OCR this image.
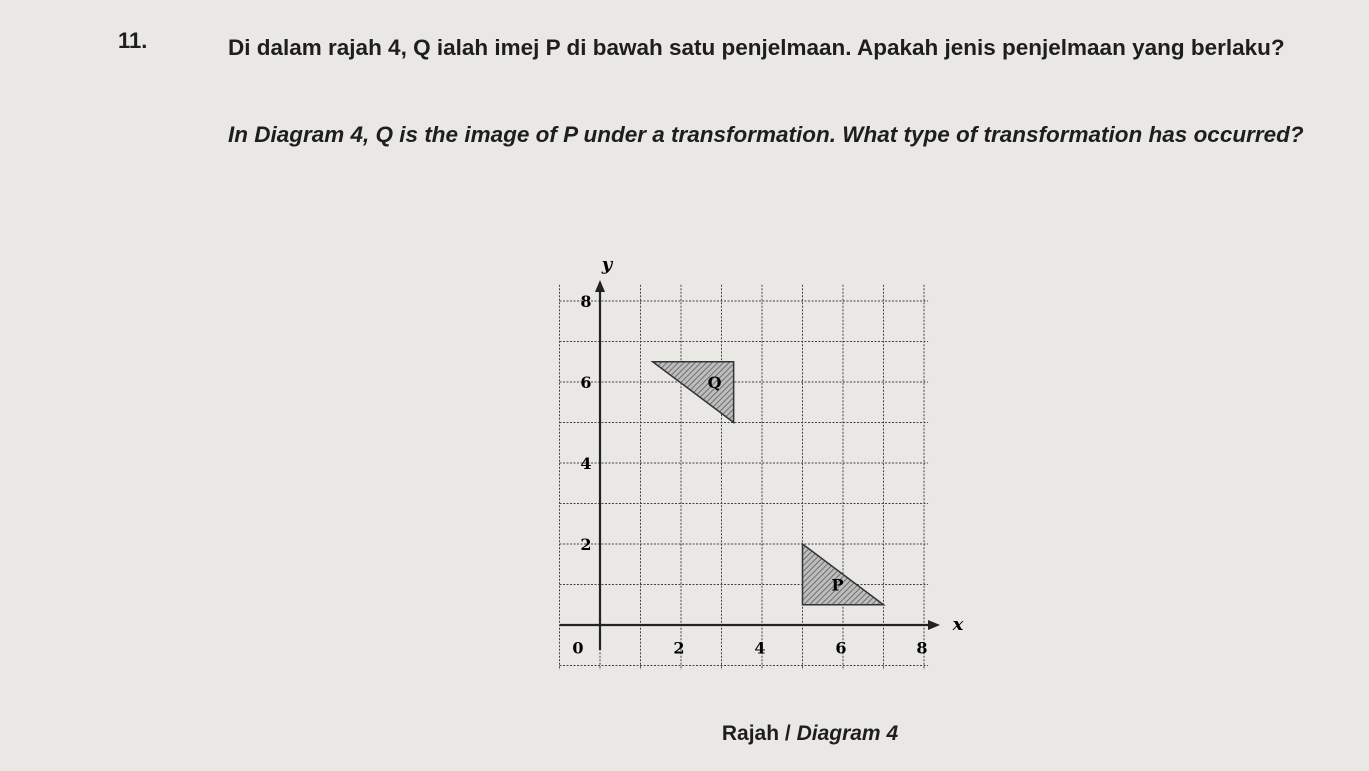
11.	Di dalam rajah 4, Q ialah imej P di bawah satu penjelmaan. Apakah jenis penjelmaan yang berlaku?
In Diagram 4, Q is the image of P under a transformation. What type of transformation has occurred?
P
Q
y
x
0	2	4	6	8
2
4
6
8
Rajah / Diagram 4
